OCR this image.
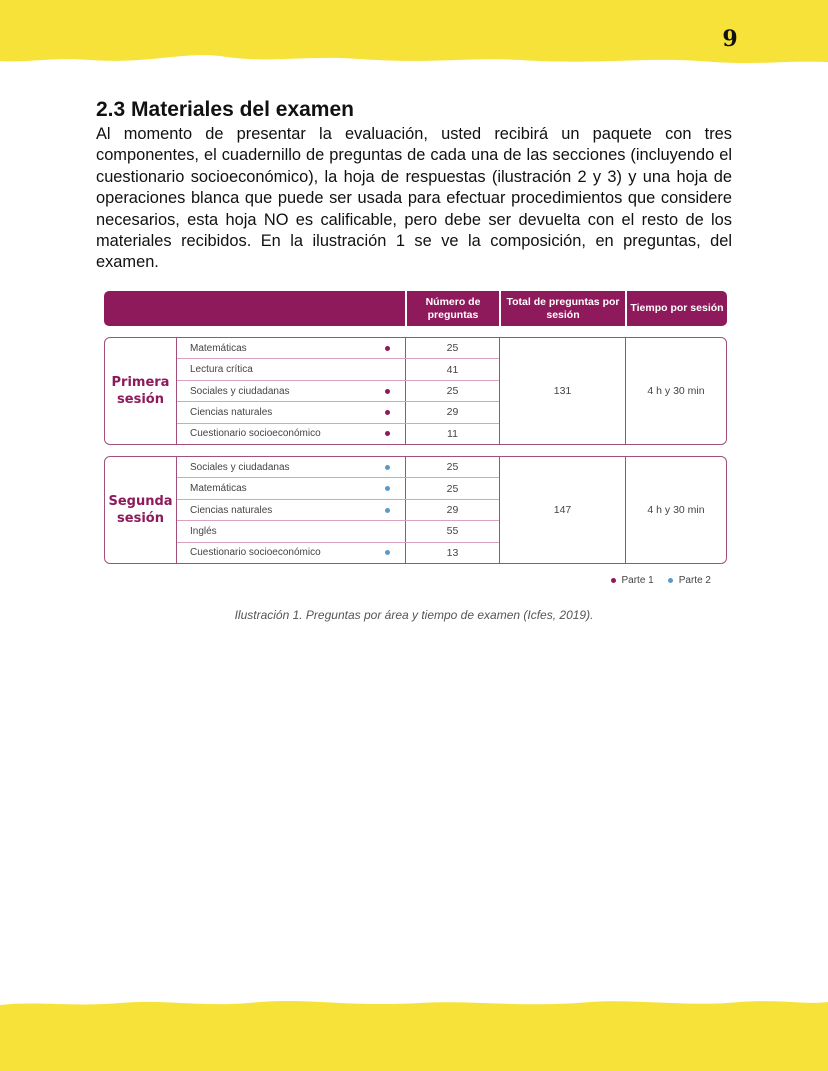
9
2.3 Materiales del examen

Al momento de presentar la evaluación, usted recibirá un paquete con tres componentes, el cuadernillo de preguntas de cada una de las secciones (incluyendo el cuestionario socioeconómico), la hoja de respuestas (ilustración 2 y 3) y una hoja de operaciones blanca que puede ser usada para efectuar procedimientos que considere necesarios, esta hoja NO es calificable, pero debe ser devuelta con el resto de los materiales recibidos. En la ilustración 1 se ve la composición, en preguntas, del examen.

Número de preguntas
Total de preguntas por sesión
Tiempo por sesión
Primera sesión
Matemáticas	25
Lectura crítica	41
Sociales y ciudadanas	25
Ciencias naturales	29
Cuestionario socioeconómico	11
131	4 h y 30 min
Segunda sesión
Sociales y ciudadanas	25
Matemáticas	25
Ciencias naturales	29
Inglés	55
Cuestionario socioeconómico	13
147	4 h y 30 min
Parte 1	Parte 2
Ilustración 1. Preguntas por área y tiempo de examen (Icfes, 2019).
